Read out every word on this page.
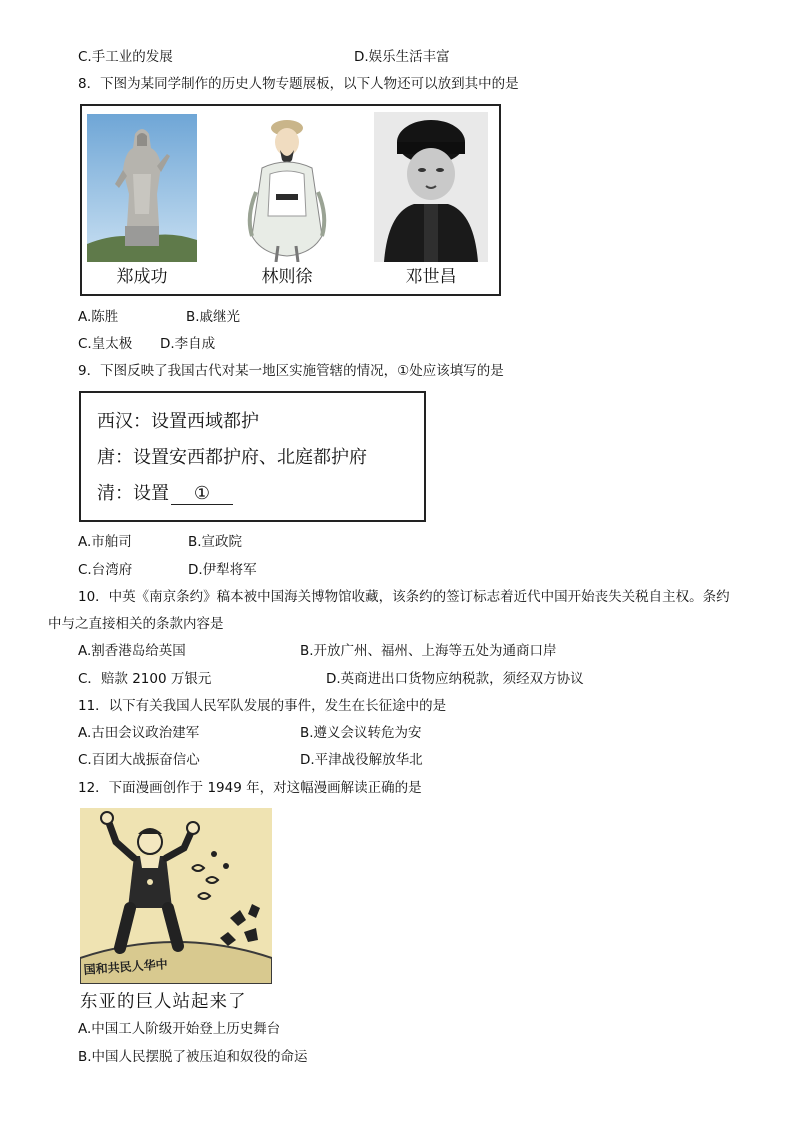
C.手工业的发展	D.娱乐生活丰富
8．下图为某同学制作的历史人物专题展板，以下人物还可以放到其中的是
郑成功	林则徐	邓世昌
A.陈胜	B.戚继光
C.皇太极 D.李自成
9．下图反映了我国古代对某一地区实施管辖的情况，①处应该填写的是
西汉：设置西域都护
唐：设置安西都护府、北庭都护府
清：设置 ①
A.市舶司	B.宣政院
C.台湾府	D.伊犁将军
10．中英《南京条约》稿本被中国海关博物馆收藏，该条约的签订标志着近代中国开始丧失关税自主权。条约
中与之直接相关的条款内容是
A.割香港岛给英国	B.开放广州、福州、上海等五处为通商口岸
C．赔款 2100 万银元	D.英商进出口货物应纳税款，须经双方协议
11．以下有关我国人民军队发展的事件，发生在长征途中的是
A.古田会议政治建军	B.遵义会议转危为安
C.百团大战振奋信心	D.平津战役解放华北
12．下面漫画创作于 1949 年，对这幅漫画解读正确的是
国和共民人华中
东亚的巨人站起来了
A.中国工人阶级开始登上历史舞台
B.中国人民摆脱了被压迫和奴役的命运
